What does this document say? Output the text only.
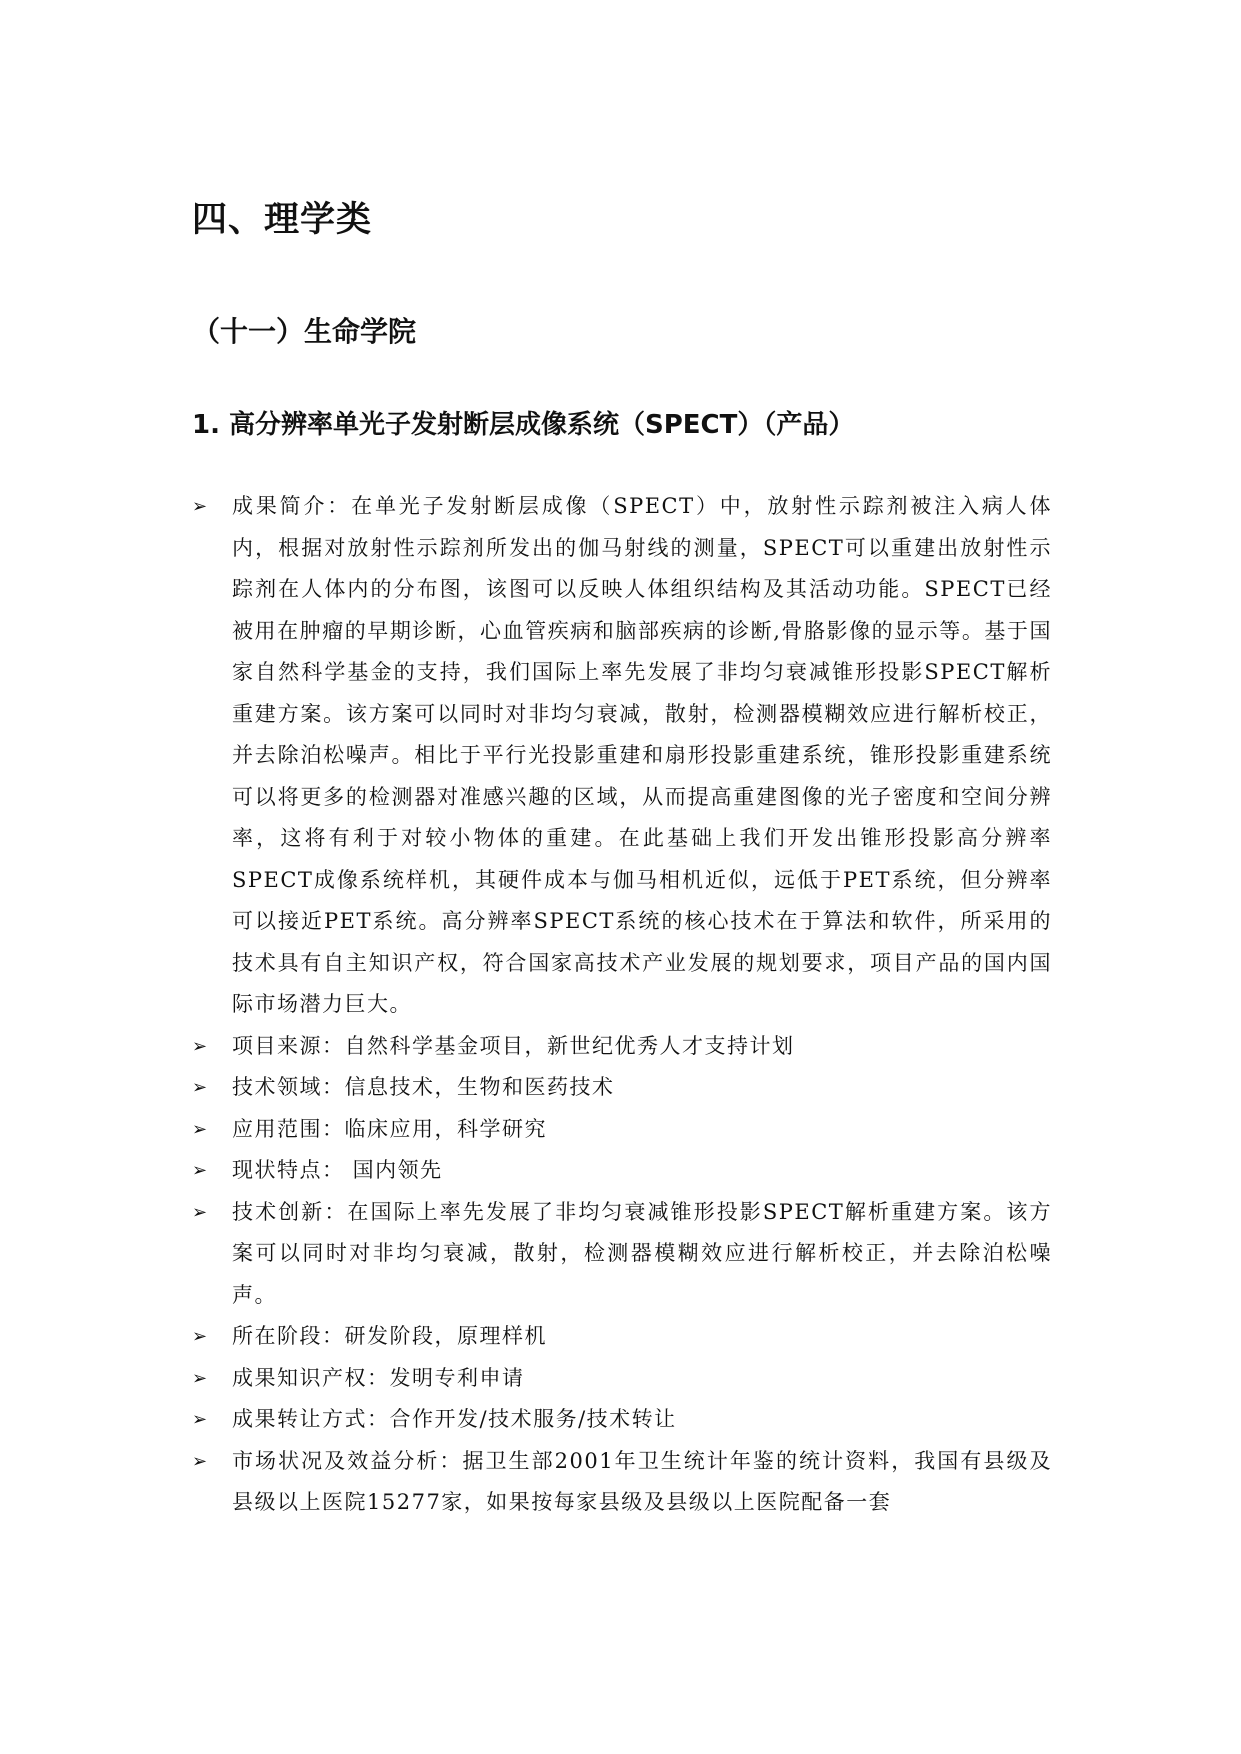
四、理学类
（十一）生命学院
1. 高分辨率单光子发射断层成像系统（SPECT）（产品）
➢ 成果简介：在单光子发射断层成像（SPECT）中，放射性示踪剂被注入病人体内，根据对放射性示踪剂所发出的伽马射线的测量，SPECT可以重建出放射性示踪剂在人体内的分布图，该图可以反映人体组织结构及其活动功能。SPECT已经被用在肿瘤的早期诊断，心血管疾病和脑部疾病的诊断,骨胳影像的显示等。基于国家自然科学基金的支持，我们国际上率先发展了非均匀衰减锥形投影SPECT解析重建方案。该方案可以同时对非均匀衰减，散射，检测器模糊效应进行解析校正，并去除泊松噪声。相比于平行光投影重建和扇形投影重建系统，锥形投影重建系统可以将更多的检测器对准感兴趣的区域，从而提高重建图像的光子密度和空间分辨率，这将有利于对较小物体的重建。在此基础上我们开发出锥形投影高分辨率SPECT成像系统样机，其硬件成本与伽马相机近似，远低于PET系统，但分辨率可以接近PET系统。高分辨率SPECT系统的核心技术在于算法和软件，所采用的技术具有自主知识产权，符合国家高技术产业发展的规划要求，项目产品的国内国际市场潜力巨大。
➢ 项目来源：自然科学基金项目，新世纪优秀人才支持计划
➢ 技术领域：信息技术，生物和医药技术
➢ 应用范围：临床应用，科学研究
➢ 现状特点： 国内领先
➢ 技术创新：在国际上率先发展了非均匀衰减锥形投影SPECT解析重建方案。该方案可以同时对非均匀衰减，散射，检测器模糊效应进行解析校正，并去除泊松噪声。
➢ 所在阶段：研发阶段，原理样机
➢ 成果知识产权：发明专利申请
➢ 成果转让方式：合作开发/技术服务/技术转让
➢ 市场状况及效益分析：据卫生部2001年卫生统计年鉴的统计资料，我国有县级及县级以上医院15277家，如果按每家县级及县级以上医院配备一套
